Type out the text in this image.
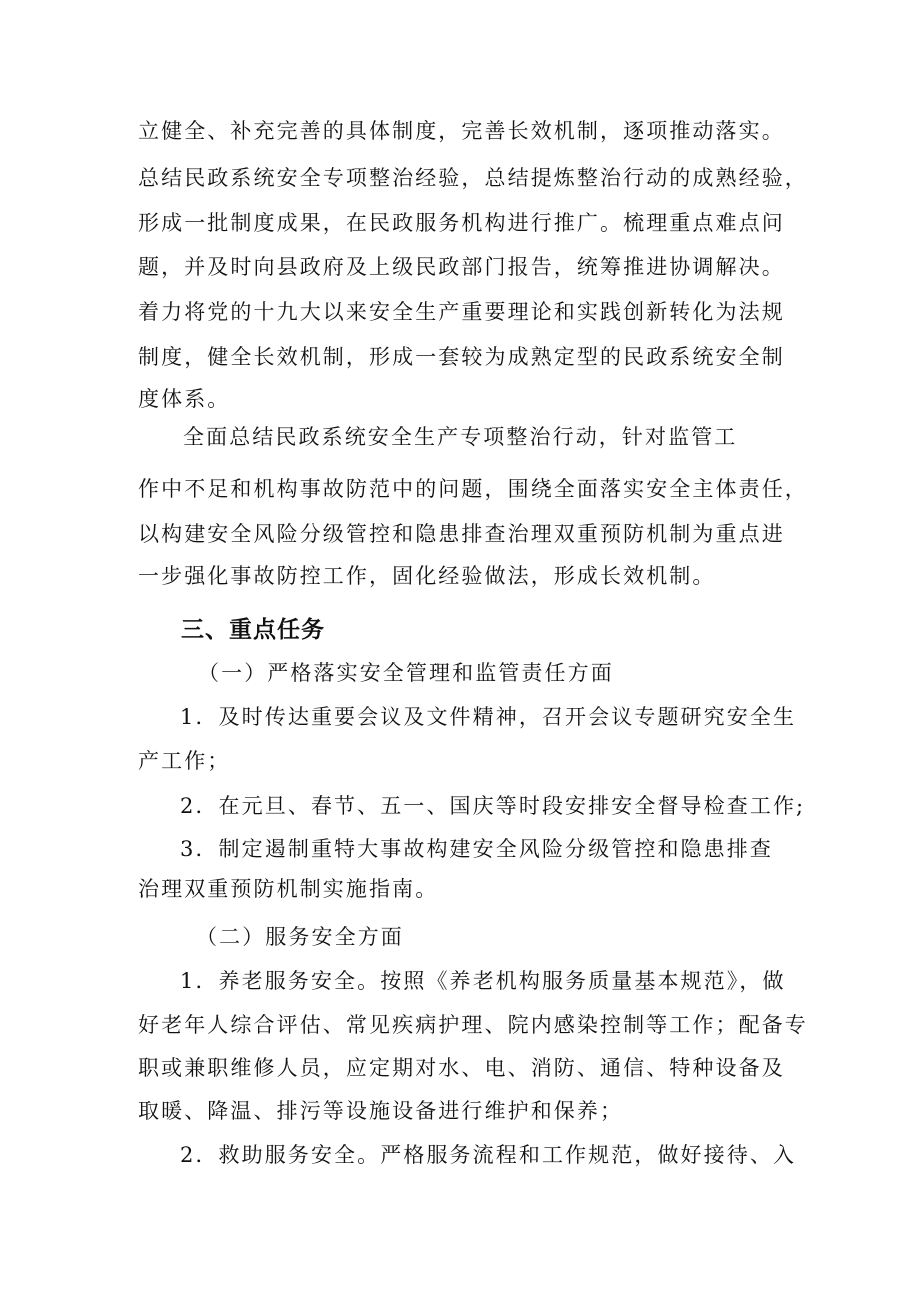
立健全、补充完善的具体制度，完善长效机制，逐项推动落实。
总结民政系统安全专项整治经验，总结提炼整治行动的成熟经验，
形成一批制度成果，在民政服务机构进行推广。梳理重点难点问
题，并及时向县政府及上级民政部门报告，统筹推进协调解决。
着力将党的十九大以来安全生产重要理论和实践创新转化为法规
制度，健全长效机制，形成一套较为成熟定型的民政系统安全制
度体系。
全面总结民政系统安全生产专项整治行动，针对监管工
作中不足和机构事故防范中的问题，围绕全面落实安全主体责任，
以构建安全风险分级管控和隐患排查治理双重预防机制为重点进
一步强化事故防控工作，固化经验做法，形成长效机制。
三、重点任务
（一）严格落实安全管理和监管责任方面
1．及时传达重要会议及文件精神，召开会议专题研究安全生
产工作；
2．在元旦、春节、五一、国庆等时段安排安全督导检查工作;
3．制定遏制重特大事故构建安全风险分级管控和隐患排查
治理双重预防机制实施指南。
（二）服务安全方面
1．养老服务安全。按照《养老机构服务质量基本规范》，做
好老年人综合评估、常见疾病护理、院内感染控制等工作；配备专
职或兼职维修人员，应定期对水、电、消防、通信、特种设备及
取暖、降温、排污等设施设备进行维护和保养；
2．救助服务安全。严格服务流程和工作规范，做好接待、入
